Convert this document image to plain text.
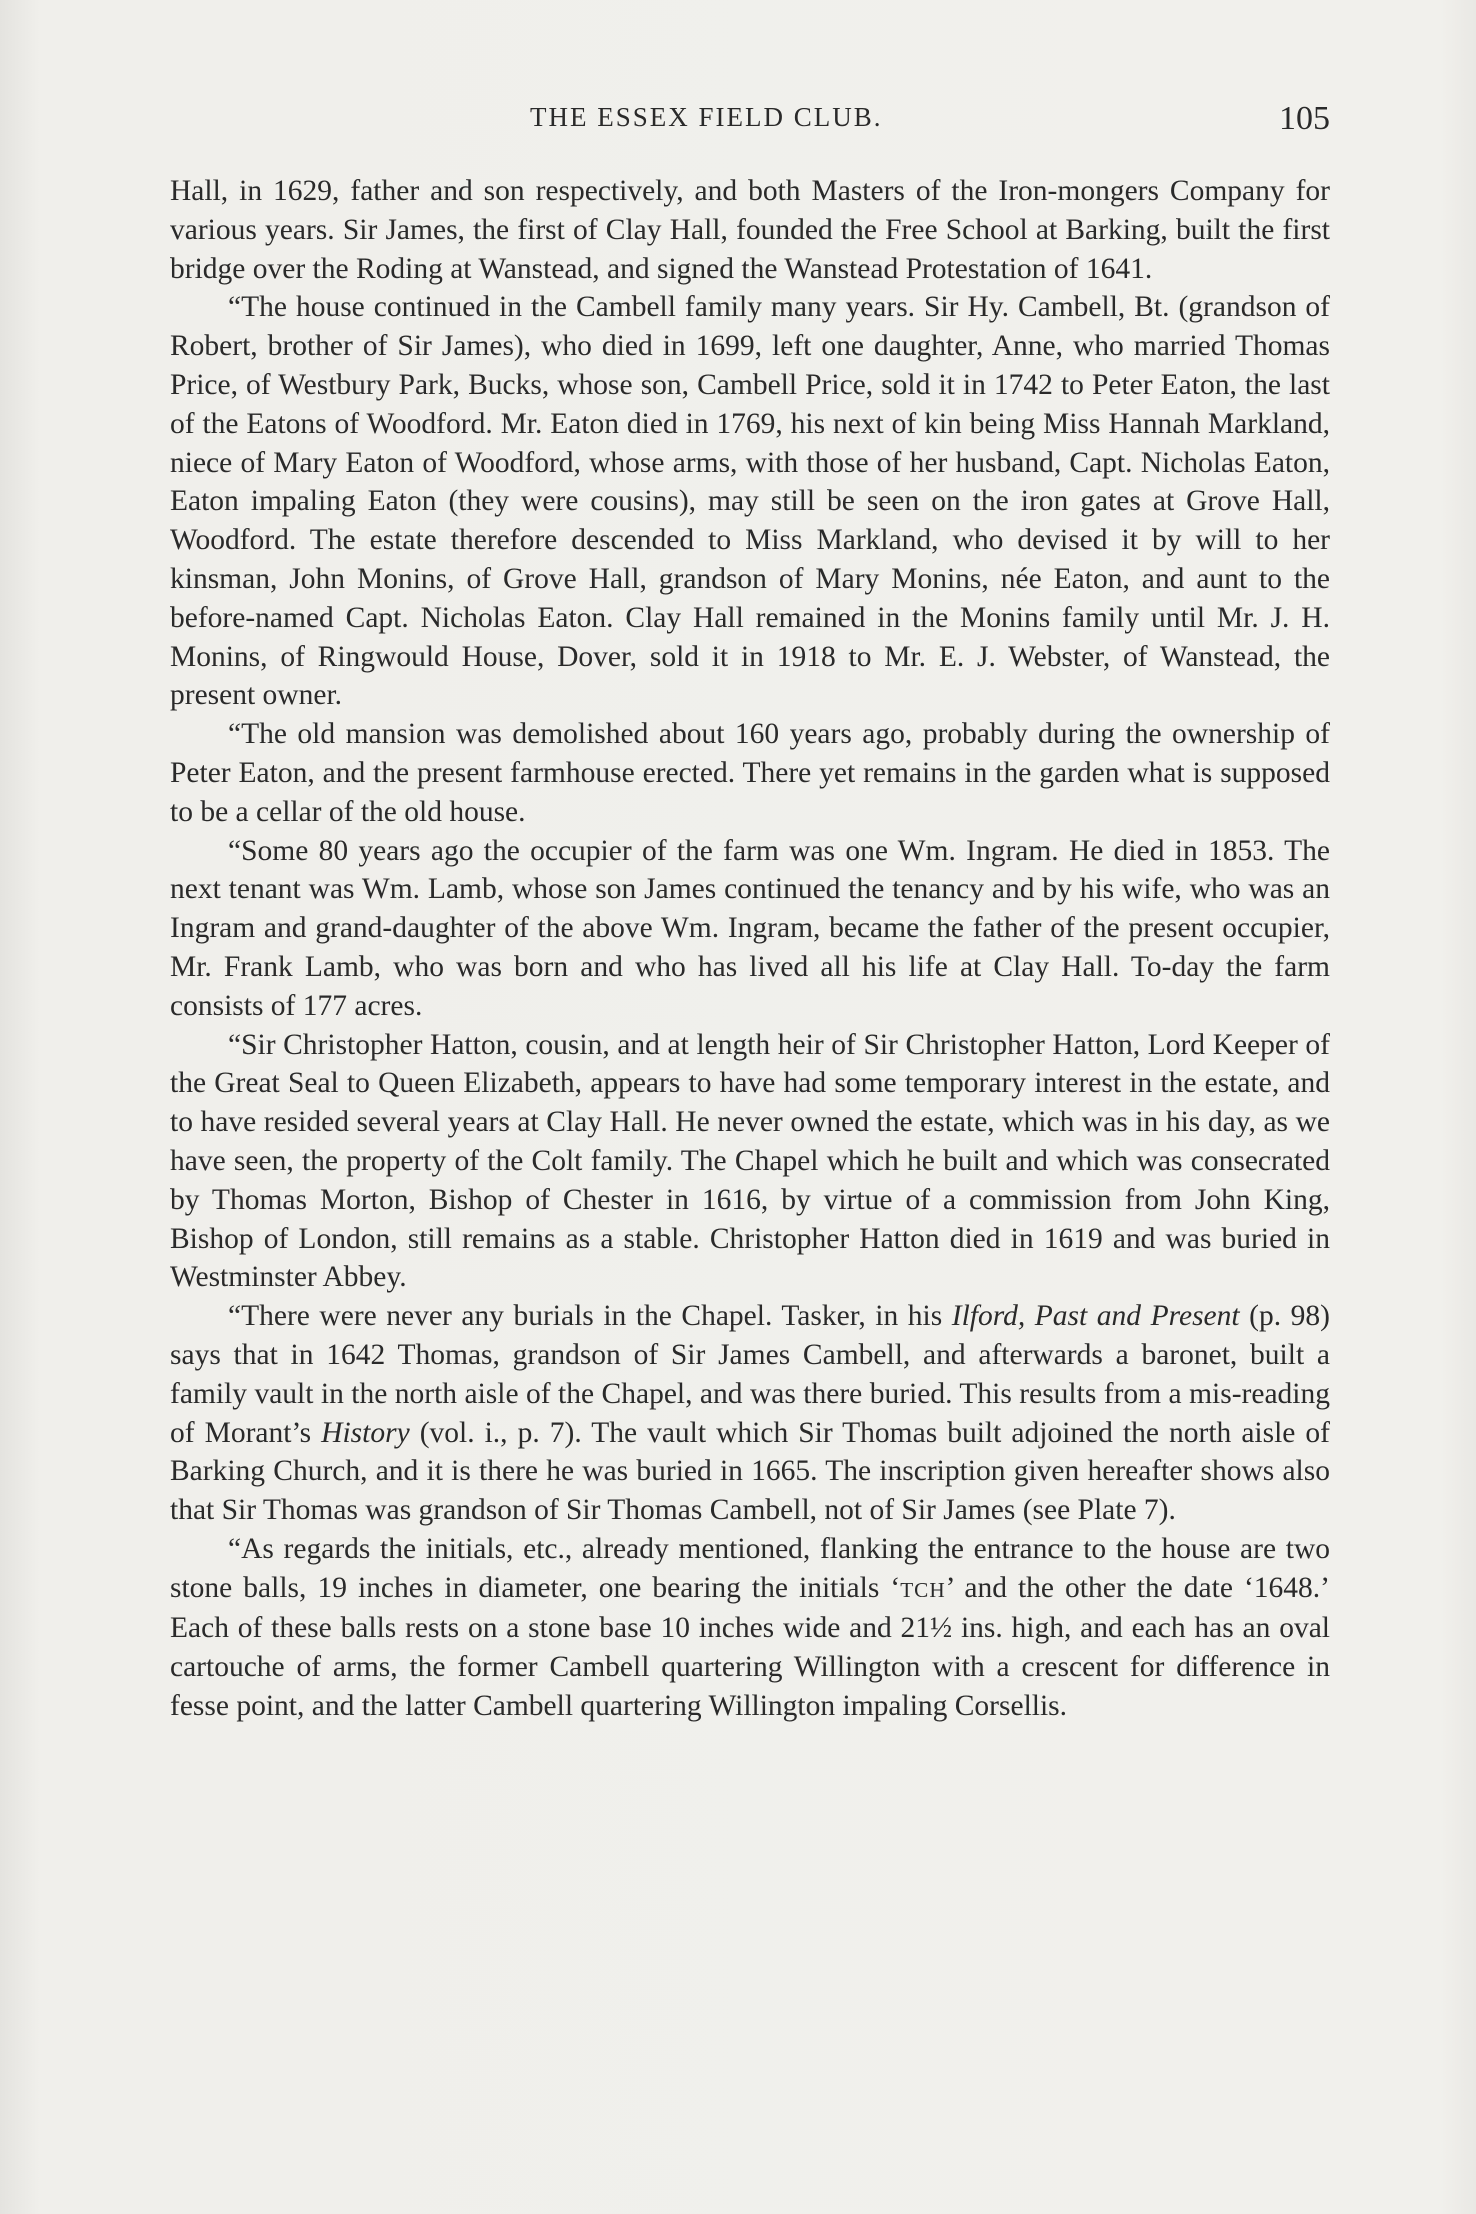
THE ESSEX FIELD CLUB.	105

Hall, in 1629, father and son respectively, and both Masters of the Iron-mongers Company for various years. Sir James, the first of Clay Hall, founded the Free School at Barking, built the first bridge over the Roding at Wanstead, and signed the Wanstead Protestation of 1641.

“The house continued in the Cambell family many years. Sir Hy. Cambell, Bt. (grandson of Robert, brother of Sir James), who died in 1699, left one daughter, Anne, who married Thomas Price, of Westbury Park, Bucks, whose son, Cambell Price, sold it in 1742 to Peter Eaton, the last of the Eatons of Woodford. Mr. Eaton died in 1769, his next of kin being Miss Hannah Markland, niece of Mary Eaton of Woodford, whose arms, with those of her husband, Capt. Nicholas Eaton, Eaton impaling Eaton (they were cousins), may still be seen on the iron gates at Grove Hall, Woodford. The estate therefore descended to Miss Markland, who devised it by will to her kinsman, John Monins, of Grove Hall, grandson of Mary Monins, née Eaton, and aunt to the before-named Capt. Nicholas Eaton. Clay Hall remained in the Monins family until Mr. J. H. Monins, of Ringwould House, Dover, sold it in 1918 to Mr. E. J. Webster, of Wanstead, the present owner.

“The old mansion was demolished about 160 years ago, probably during the ownership of Peter Eaton, and the present farmhouse erected. There yet remains in the garden what is supposed to be a cellar of the old house.

“Some 80 years ago the occupier of the farm was one Wm. Ingram. He died in 1853. The next tenant was Wm. Lamb, whose son James continued the tenancy and by his wife, who was an Ingram and grand-daughter of the above Wm. Ingram, became the father of the present occupier, Mr. Frank Lamb, who was born and who has lived all his life at Clay Hall. To-day the farm consists of 177 acres.

“Sir Christopher Hatton, cousin, and at length heir of Sir Christopher Hatton, Lord Keeper of the Great Seal to Queen Elizabeth, appears to have had some temporary interest in the estate, and to have resided several years at Clay Hall. He never owned the estate, which was in his day, as we have seen, the property of the Colt family. The Chapel which he built and which was consecrated by Thomas Morton, Bishop of Chester in 1616, by virtue of a commission from John King, Bishop of London, still remains as a stable. Christopher Hatton died in 1619 and was buried in Westminster Abbey.

“There were never any burials in the Chapel. Tasker, in his Ilford, Past and Present (p. 98) says that in 1642 Thomas, grandson of Sir James Cambell, and afterwards a baronet, built a family vault in the north aisle of the Chapel, and was there buried. This results from a mis-reading of Morant’s History (vol. i., p. 7). The vault which Sir Thomas built adjoined the north aisle of Barking Church, and it is there he was buried in 1665. The inscription given hereafter shows also that Sir Thomas was grandson of Sir Thomas Cambell, not of Sir James (see Plate 7).

“As regards the initials, etc., already mentioned, flanking the entrance to the house are two stone balls, 19 inches in diameter, one bearing the initials ‘TCH’ and the other the date ‘1648.’ Each of these balls rests on a stone base 10 inches wide and 21½ ins. high, and each has an oval cartouche of arms, the former Cambell quartering Willington with a crescent for difference in fesse point, and the latter Cambell quartering Willington impaling Corsellis.
